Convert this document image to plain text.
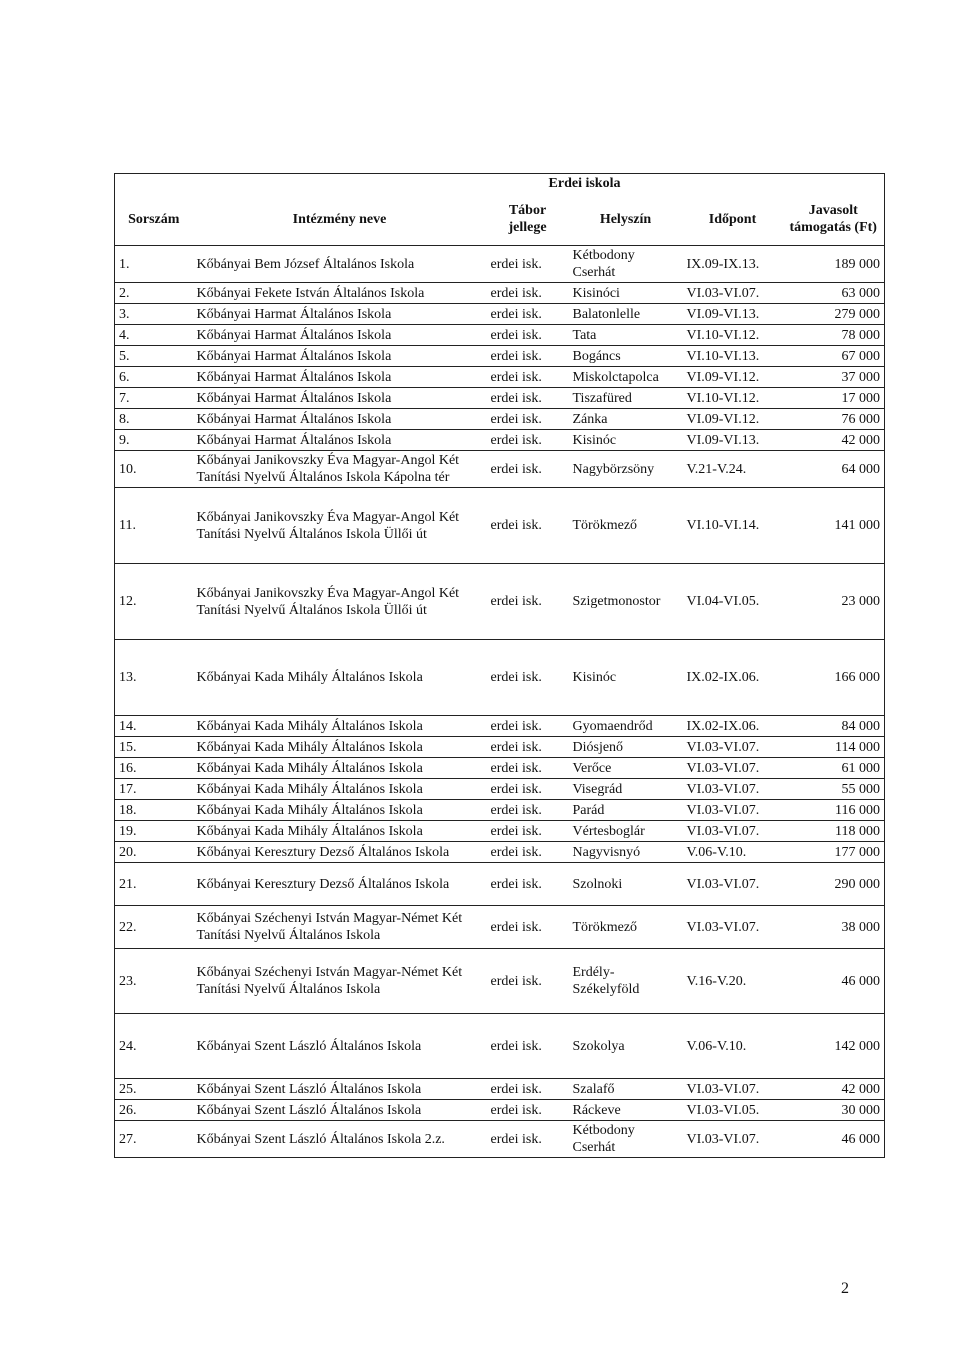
		Erdei iskola			
Sorszám	Intézmény neve	Tábor jellege	Helyszín	Időpont	Javasolt támogatás (Ft)
1.	Kőbányai Bem József Általános Iskola	erdei isk.	Kétbodony Cserhát	IX.09-IX.13.	189 000
2.	Kőbányai Fekete István Általános Iskola	erdei isk.	Kisinóci	VI.03-VI.07.	63 000
3.	Kőbányai Harmat Általános Iskola	erdei isk.	Balatonlelle	VI.09-VI.13.	279 000
4.	Kőbányai Harmat Általános Iskola	erdei isk.	Tata	VI.10-VI.12.	78 000
5.	Kőbányai Harmat Általános Iskola	erdei isk.	Bogáncs	VI.10-VI.13.	67 000
6.	Kőbányai Harmat Általános Iskola	erdei isk.	Miskolctapolca	VI.09-VI.12.	37 000
7.	Kőbányai Harmat Általános Iskola	erdei isk.	Tiszafüred	VI.10-VI.12.	17 000
8.	Kőbányai Harmat Általános Iskola	erdei isk.	Zánka	VI.09-VI.12.	76 000
9.	Kőbányai Harmat Általános Iskola	erdei isk.	Kisinóc	VI.09-VI.13.	42 000
10.	Kőbányai Janikovszky Éva Magyar-Angol Két Tanítási Nyelvű Általános Iskola Kápolna tér	erdei isk.	Nagybörzsöny	V.21-V.24.	64 000
11.	Kőbányai Janikovszky Éva Magyar-Angol Két Tanítási Nyelvű Általános Iskola Üllői út	erdei isk.	Törökmező	VI.10-VI.14.	141 000
12.	Kőbányai Janikovszky Éva Magyar-Angol Két Tanítási Nyelvű Általános Iskola Üllői út	erdei isk.	Szigetmonostor	VI.04-VI.05.	23 000
13.	Kőbányai Kada Mihály Általános Iskola	erdei isk.	Kisinóc	IX.02-IX.06.	166 000
14.	Kőbányai Kada Mihály Általános Iskola	erdei isk.	Gyomaendrőd	IX.02-IX.06.	84 000
15.	Kőbányai Kada Mihály Általános Iskola	erdei isk.	Diósjenő	VI.03-VI.07.	114 000
16.	Kőbányai Kada Mihály Általános Iskola	erdei isk.	Verőce	VI.03-VI.07.	61 000
17.	Kőbányai Kada Mihály Általános Iskola	erdei isk.	Visegrád	VI.03-VI.07.	55 000
18.	Kőbányai Kada Mihály Általános Iskola	erdei isk.	Parád	VI.03-VI.07.	116 000
19.	Kőbányai Kada Mihály Általános Iskola	erdei isk.	Vértesboglár	VI.03-VI.07.	118 000
20.	Kőbányai Keresztury Dezső Általános Iskola	erdei isk.	Nagyvisnyó	V.06-V.10.	177 000
21.	Kőbányai Keresztury Dezső Általános Iskola	erdei isk.	Szolnoki	VI.03-VI.07.	290 000
22.	Kőbányai Széchenyi István Magyar-Német Két Tanítási Nyelvű Általános Iskola	erdei isk.	Törökmező	VI.03-VI.07.	38 000
23.	Kőbányai Széchenyi István Magyar-Német Két Tanítási Nyelvű Általános Iskola	erdei isk.	Erdély-Székelyföld	V.16-V.20.	46 000
24.	Kőbányai Szent László Általános Iskola	erdei isk.	Szokolya	V.06-V.10.	142 000
25.	Kőbányai Szent László Általános Iskola	erdei isk.	Szalafő	VI.03-VI.07.	42 000
26.	Kőbányai Szent László Általános Iskola	erdei isk.	Ráckeve	VI.03-VI.05.	30 000
27.	Kőbányai Szent László Általános Iskola 2.z.	erdei isk.	Kétbodony Cserhát	VI.03-VI.07.	46 000
2
